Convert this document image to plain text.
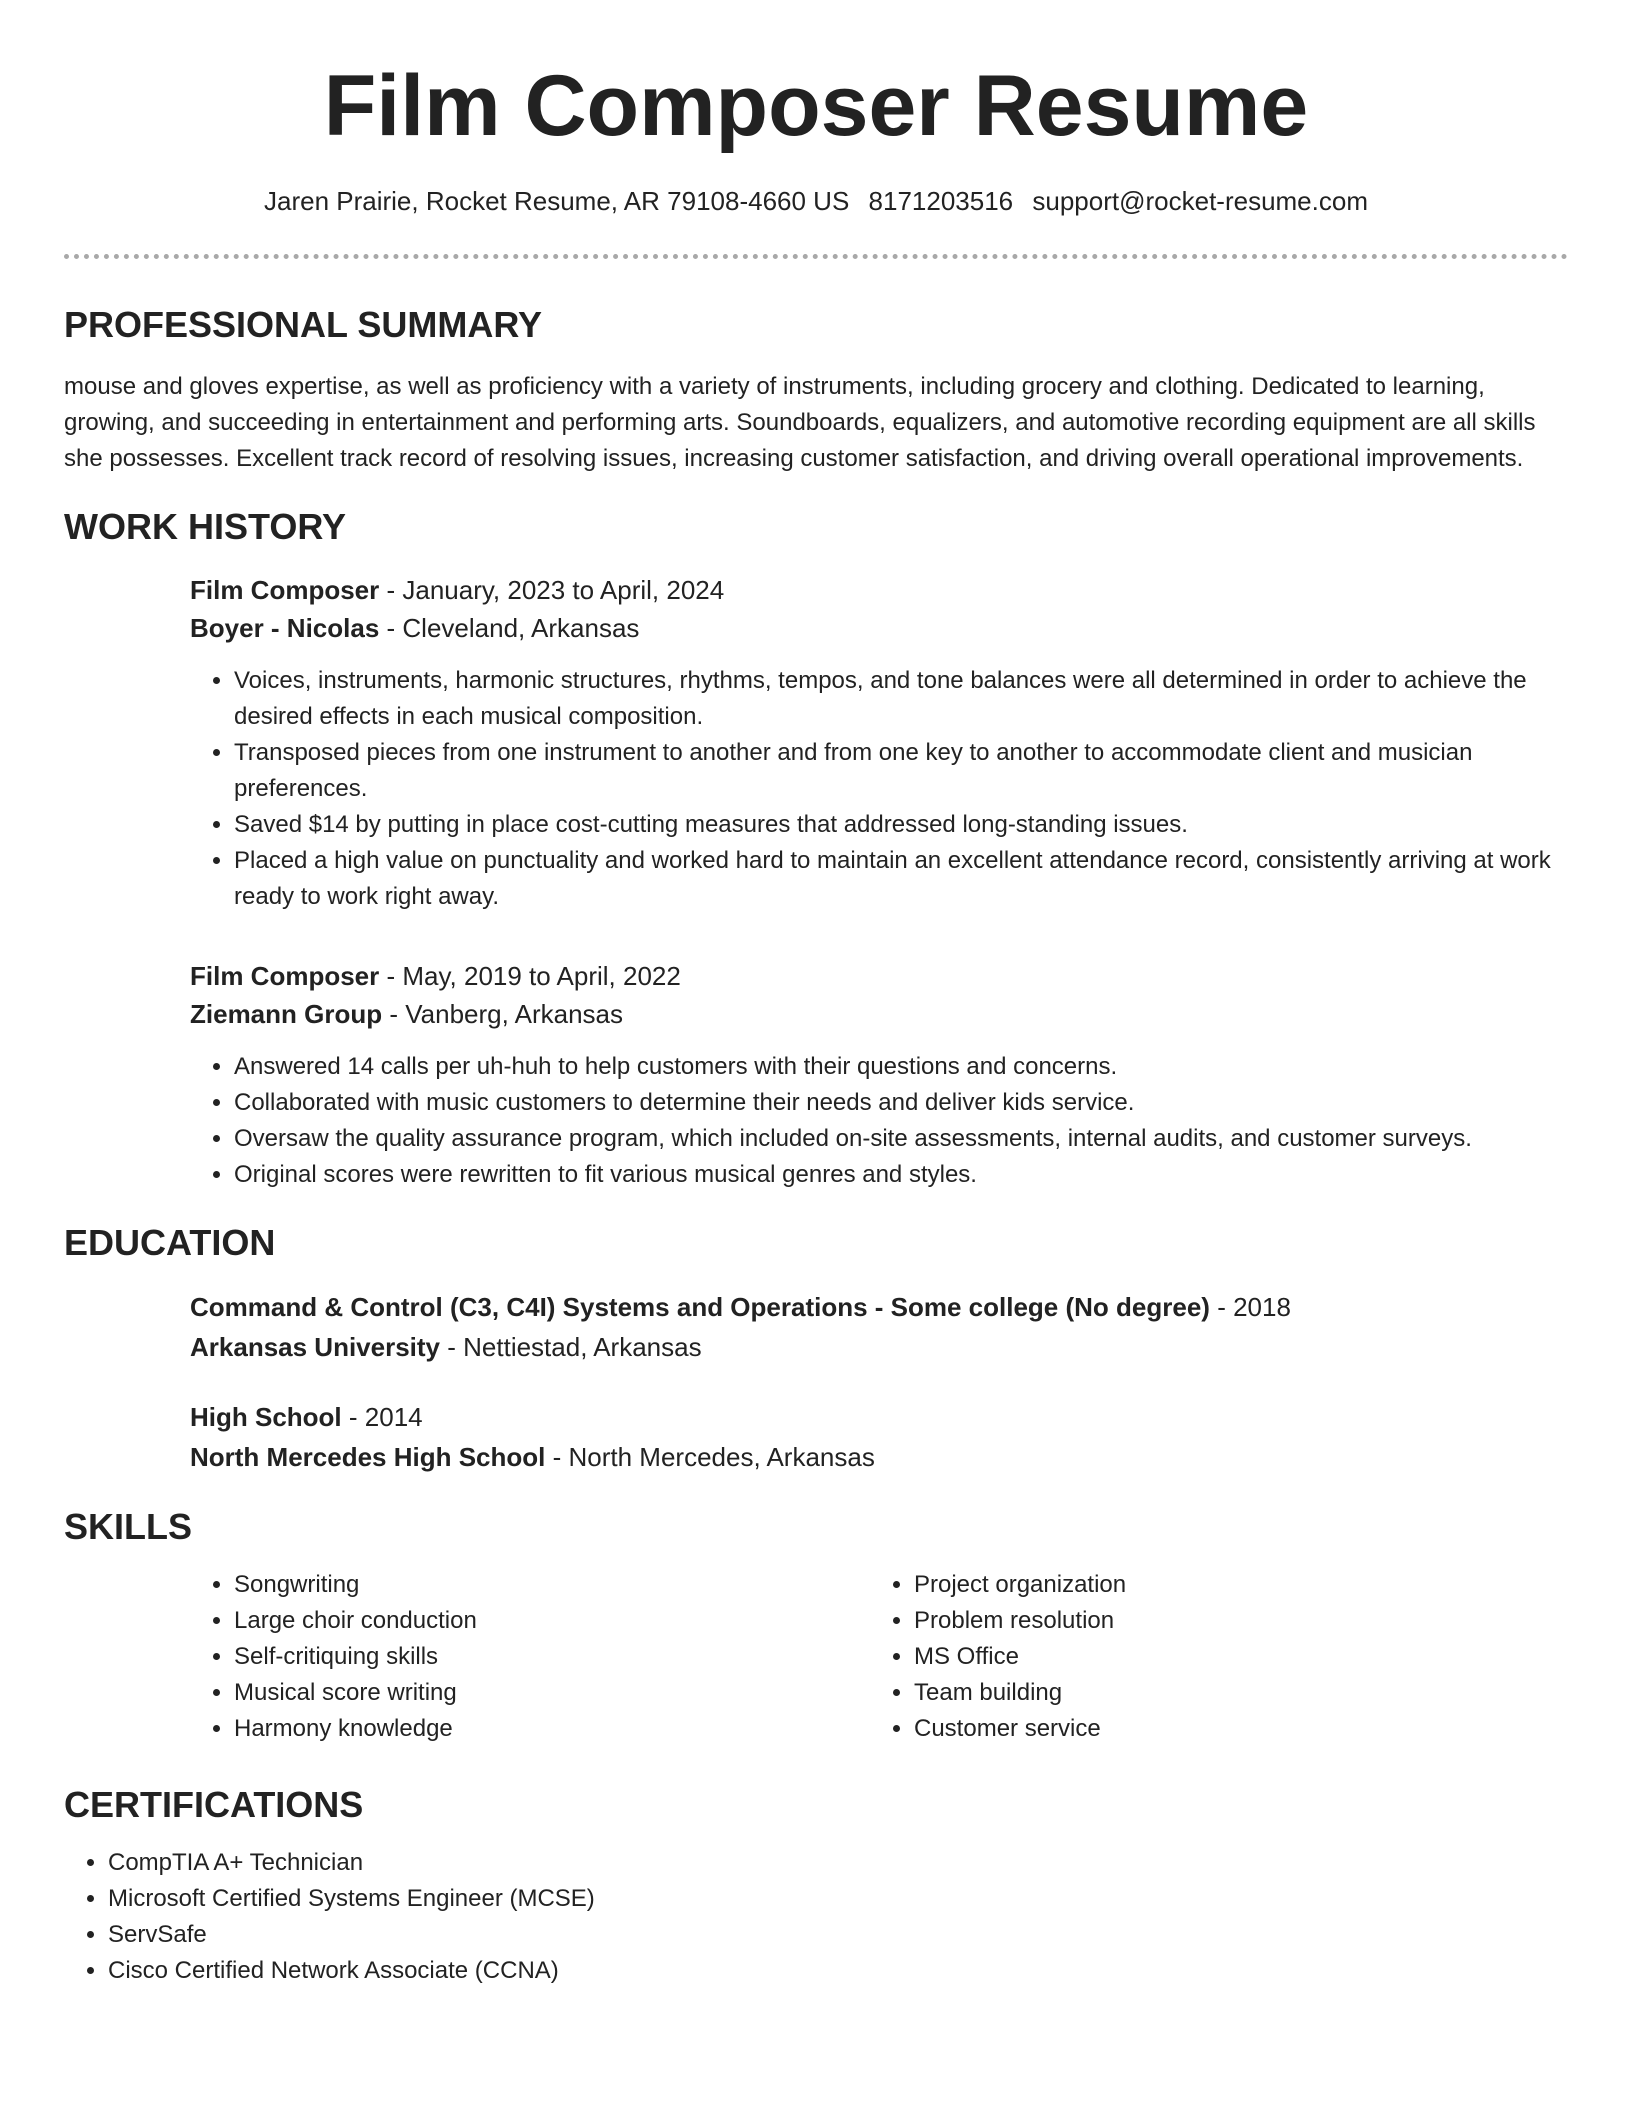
Film Composer Resume
Jaren Prairie, Rocket Resume, AR 79108-4660 US 8171203516 support@rocket-resume.com
PROFESSIONAL SUMMARY

mouse and gloves expertise, as well as proficiency with a variety of instruments, including grocery and clothing. Dedicated to learning, growing, and succeeding in entertainment and performing arts. Soundboards, equalizers, and automotive recording equipment are all skills she possesses. Excellent track record of resolving issues, increasing customer satisfaction, and driving overall operational improvements.

WORK HISTORY
Film Composer - January, 2023 to April, 2024
Boyer - Nicolas - Cleveland, Arkansas
• Voices, instruments, harmonic structures, rhythms, tempos, and tone balances were all determined in order to achieve the desired effects in each musical composition.
• Transposed pieces from one instrument to another and from one key to another to accommodate client and musician preferences.
• Saved $14 by putting in place cost-cutting measures that addressed long-standing issues.
• Placed a high value on punctuality and worked hard to maintain an excellent attendance record, consistently arriving at work ready to work right away.
Film Composer - May, 2019 to April, 2022
Ziemann Group - Vanberg, Arkansas
• Answered 14 calls per uh-huh to help customers with their questions and concerns.
• Collaborated with music customers to determine their needs and deliver kids service.
• Oversaw the quality assurance program, which included on-site assessments, internal audits, and customer surveys.
• Original scores were rewritten to fit various musical genres and styles.
EDUCATION
Command & Control (C3, C4I) Systems and Operations - Some college (No degree) - 2018
Arkansas University - Nettiestad, Arkansas
High School - 2014
North Mercedes High School - North Mercedes, Arkansas
SKILLS
• Songwriting
• Large choir conduction
• Self-critiquing skills
• Musical score writing
• Harmony knowledge
• Project organization
• Problem resolution
• MS Office
• Team building
• Customer service
CERTIFICATIONS
• CompTIA A+ Technician
• Microsoft Certified Systems Engineer (MCSE)
• ServSafe
• Cisco Certified Network Associate (CCNA)
